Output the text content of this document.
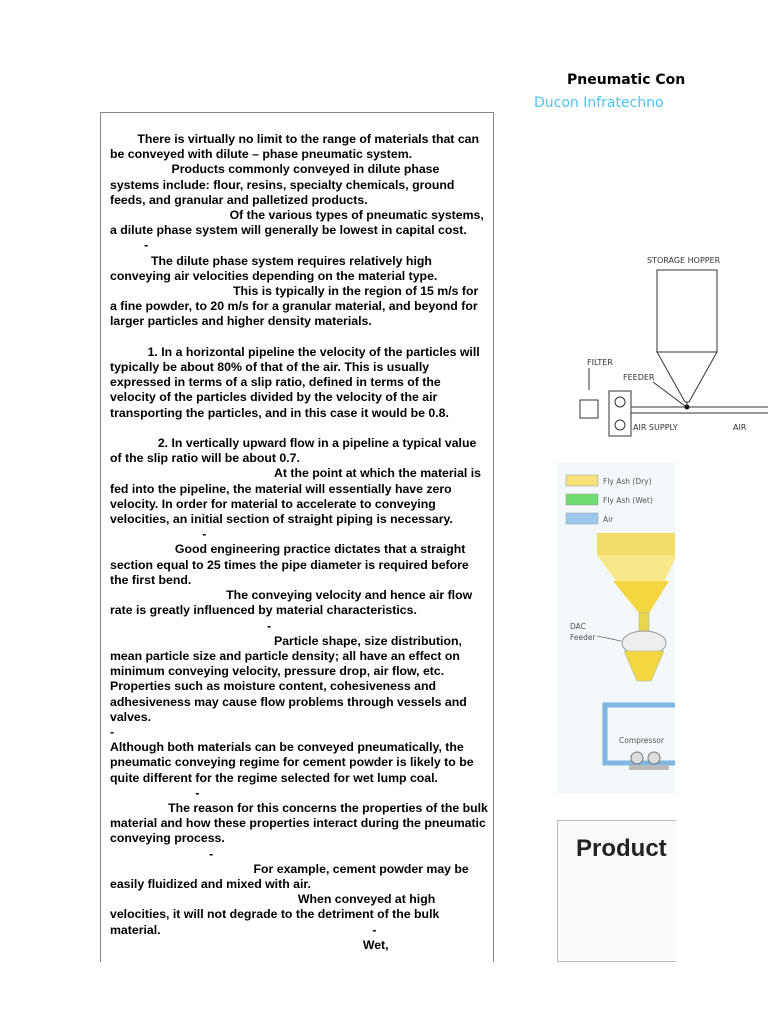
Pneumatic Con
Ducon Infratechno
There is virtually no limit to the range of materials that can be conveyed with dilute – phase pneumatic system.
Products commonly conveyed in dilute phase systems include: flour, resins, specialty chemicals, ground feeds, and granular and palletized products.
Of the various types of pneumatic systems, a dilute phase system will generally be lowest in capital cost.
-
The dilute phase system requires relatively high conveying air velocities depending on the material type.
This is typically in the region of 15 m/s for a fine powder, to 20 m/s for a granular material, and beyond for larger particles and higher density materials.

1. In a horizontal pipeline the velocity of the particles will typically be about 80% of that of the air. This is usually expressed in terms of a slip ratio, defined in terms of the velocity of the particles divided by the velocity of the air transporting the particles, and in this case it would be 0.8.

2. In vertically upward flow in a pipeline a typical value of the slip ratio will be about 0.7.
At the point at which the material is fed into the pipeline, the material will essentially have zero velocity. In order for material to accelerate to conveying velocities, an initial section of straight piping is necessary.
-
Good engineering practice dictates that a straight section equal to 25 times the pipe diameter is required before the first bend.
The conveying velocity and hence air flow rate is greatly influenced by material characteristics.
-
Particle shape, size distribution, mean particle size and particle density; all have an effect on minimum conveying velocity, pressure drop, air flow, etc. Properties such as moisture content, cohesiveness and adhesiveness may cause flow problems through vessels and valves.
-
Although both materials can be conveyed pneumatically, the pneumatic conveying regime for cement powder is likely to be quite different for the regime selected for wet lump coal.
-
The reason for this concerns the properties of the bulk material and how these properties interact during the pneumatic conveying process.
-
For example, cement powder may be easily fluidized and mixed with air.
When conveyed at high velocities, it will not degrade to the detriment of the bulk material.                                                              -
Wet,
STORAGE HOPPER
FILTER
FEEDER
AIR SUPPLY	AIR
Fly Ash (Dry)
Fly Ash (Wet)
Air
DAC
Feeder
Compressor
Product
